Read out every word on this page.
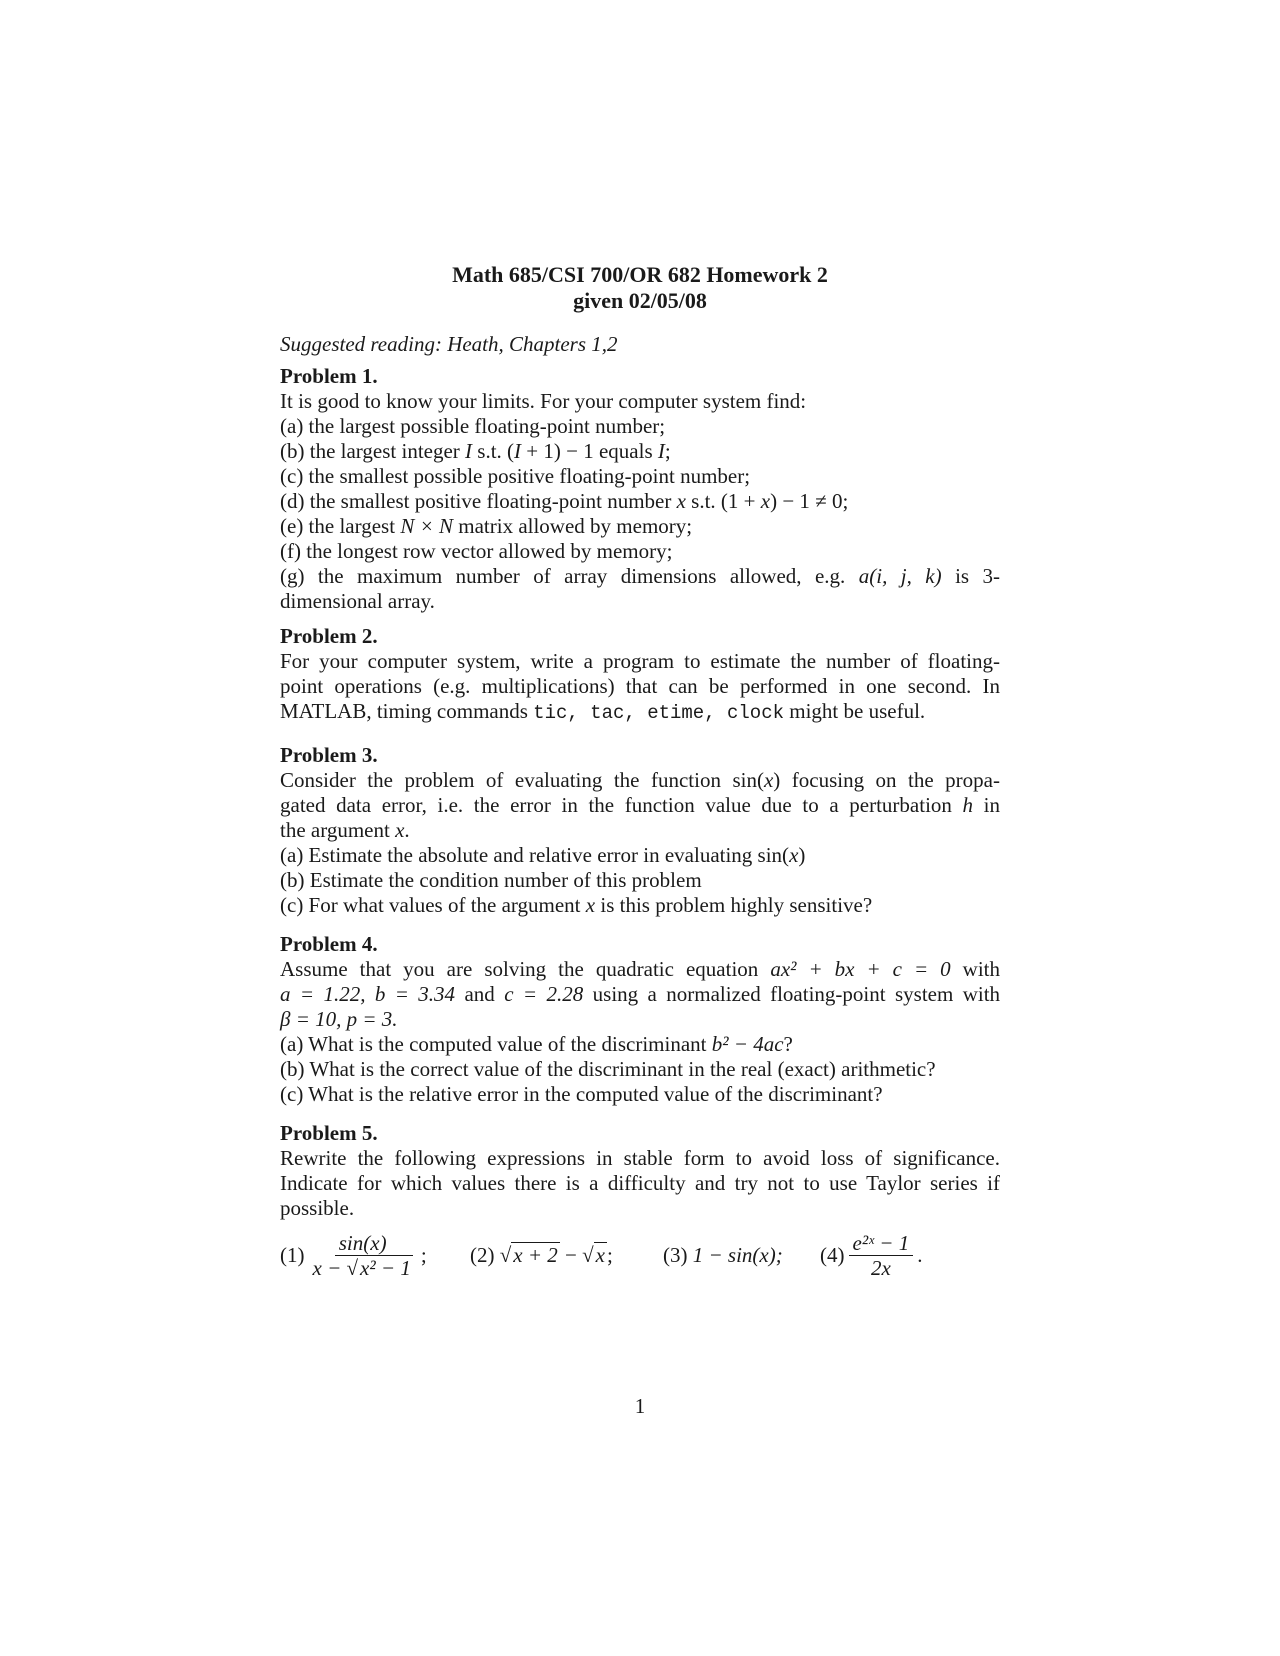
Math 685/CSI 700/OR 682 Homework 2
given 02/05/08
Suggested reading: Heath, Chapters 1,2
Problem 1.
It is good to know your limits. For your computer system find:
(a) the largest possible floating-point number;
(b) the largest integer I s.t. (I + 1) − 1 equals I;
(c) the smallest possible positive floating-point number;
(d) the smallest positive floating-point number x s.t. (1 + x) − 1 ≠ 0;
(e) the largest N × N matrix allowed by memory;
(f) the longest row vector allowed by memory;
(g) the maximum number of array dimensions allowed, e.g. a(i, j, k) is 3-
dimensional array.
Problem 2.
For your computer system, write a program to estimate the number of floating-
point operations (e.g. multiplications) that can be performed in one second. In
MATLAB, timing commands tic, tac, etime, clock might be useful.
Problem 3.
Consider the problem of evaluating the function sin(x) focusing on the propa-
gated data error, i.e. the error in the function value due to a perturbation h in
the argument x.
(a) Estimate the absolute and relative error in evaluating sin(x)
(b) Estimate the condition number of this problem
(c) For what values of the argument x is this problem highly sensitive?
Problem 4.
Assume that you are solving the quadratic equation ax² + bx + c = 0 with
a = 1.22, b = 3.34 and c = 2.28 using a normalized floating-point system with
β = 10, p = 3.
(a) What is the computed value of the discriminant b² − 4ac?
(b) What is the correct value of the discriminant in the real (exact) arithmetic?
(c) What is the relative error in the computed value of the discriminant?
Problem 5.
Rewrite the following expressions in stable form to avoid loss of significance.
Indicate for which values there is a difficulty and try not to use Taylor series if
possible.
$(1) \frac{\sin(x)}{\text{x − √x² − 1}}$ ; (2)
√x + 2 − √x ; (3)
1 − sin(x); $(4) \frac{\text{e²ˣ − 1}}{2x}$ .
1
